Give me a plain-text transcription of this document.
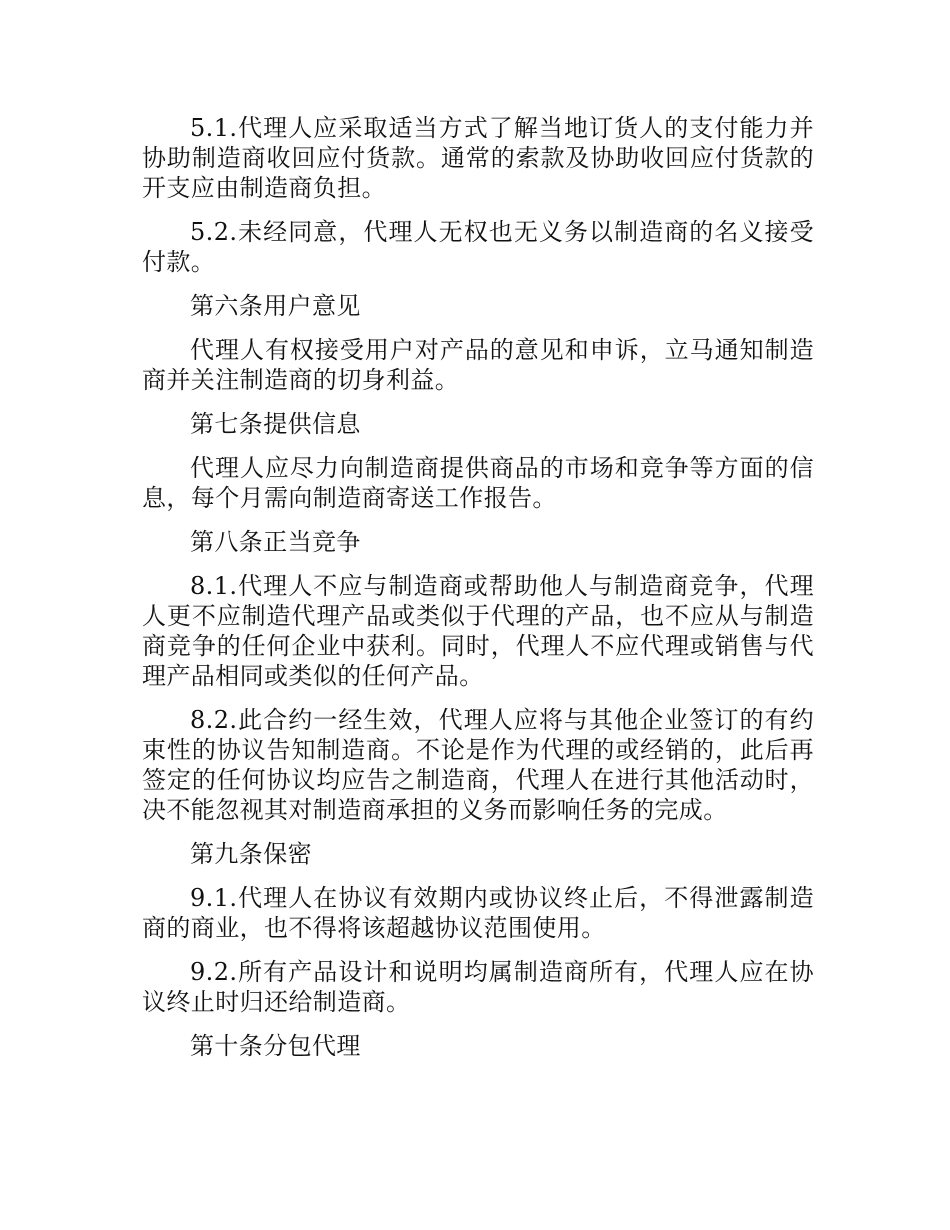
5.1.代理人应采取适当方式了解当地订货人的支付能力并协助制造商收回应付货款。通常的索款及协助收回应付货款的开支应由制造商负担。

5.2.未经同意，代理人无权也无义务以制造商的名义接受付款。

第六条用户意见

代理人有权接受用户对产品的意见和申诉，立马通知制造商并关注制造商的切身利益。

第七条提供信息

代理人应尽力向制造商提供商品的市场和竞争等方面的信息，每个月需向制造商寄送工作报告。

第八条正当竞争

8.1.代理人不应与制造商或帮助他人与制造商竞争，代理人更不应制造代理产品或类似于代理的产品，也不应从与制造商竞争的任何企业中获利。同时，代理人不应代理或销售与代理产品相同或类似的任何产品。

8.2.此合约一经生效，代理人应将与其他企业签订的有约束性的协议告知制造商。不论是作为代理的或经销的，此后再签定的任何协议均应告之制造商，代理人在进行其他活动时，决不能忽视其对制造商承担的义务而影响任务的完成。

第九条保密

9.1.代理人在协议有效期内或协议终止后，不得泄露制造商的商业，也不得将该超越协议范围使用。

9.2.所有产品设计和说明均属制造商所有，代理人应在协议终止时归还给制造商。

第十条分包代理
